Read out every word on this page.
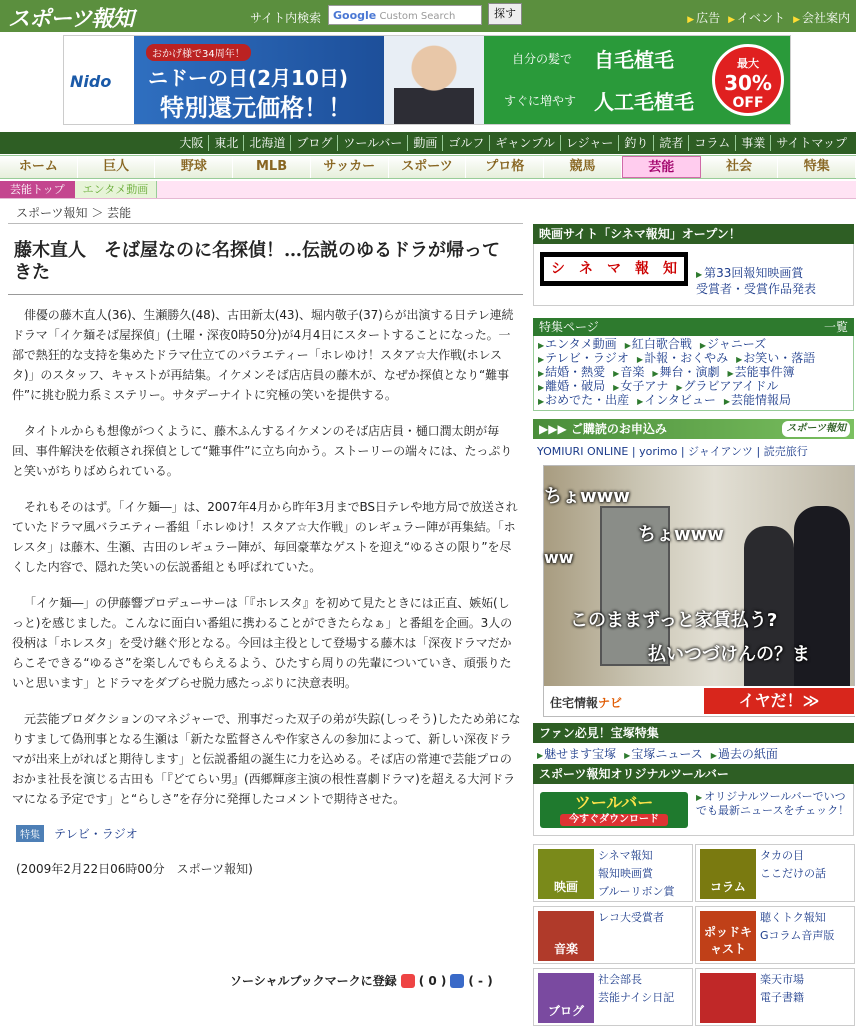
スポーツ報知	サイト内検索	Google Custom Search	探す	▶ 広告	▶ イベント	▶ 会社案内
Nido
おかげ様で34周年！
ニドーの日(2月10日)
特別還元価格！！
自分の髪で 自毛植毛
すぐに増やす 人工毛植毛
最大
30%
OFF
大阪 東北 北海道 ブログ ツールバー 動画 ゴルフ ギャンブル レジャー 釣り 読者 コラム 事業 サイトマップ
ホーム	巨人	野球	MLB	サッカー	スポーツ	プロ格	競馬	芸能	社会	特集
芸能トップ	エンタメ動画
スポーツ報知 ＞ 芸能
藤木直人　そば屋なのに名探偵！…伝説のゆるドラが帰ってきた

俳優の藤木直人(36)、生瀬勝久(48)、古田新太(43)、堀内敬子(37)らが出演する日テレ連続ドラマ「イケ麺そば屋探偵」(土曜・深夜0時50分)が4月4日にスタートすることになった。一部で熱狂的な支持を集めたドラマ仕立てのバラエティー「ホレゆけ！スタア☆大作戦(ホレスタ)」のスタッフ、キャストが再結集。イケメンそば店店員の藤木が、なぜか探偵となり“難事件”に挑む脱力系ミステリー。サタデーナイトに究極の笑いを提供する。

タイトルからも想像がつくように、藤木ふんするイケメンのそば店店員・樋口潤太朗が毎回、事件解決を依頼され探偵として“難事件”に立ち向かう。ストーリーの端々には、たっぷりと笑いがちりばめられている。

それもそのはず。「イケ麺―」は、2007年4月から昨年3月までBS日テレや地方局で放送されていたドラマ風バラエティー番組「ホレゆけ！スタア☆大作戦」のレギュラー陣が再集結。「ホレスタ」は藤木、生瀬、古田のレギュラー陣が、毎回豪華なゲストを迎え“ゆるさの限り”を尽くした内容で、隠れた笑いの伝説番組とも呼ばれていた。

「イケ麺―」の伊藤響プロデューサーは「『ホレスタ』を初めて見たときには正直、嫉妬(しっと)を感じました。こんなに面白い番組に携わることができたらなぁ」と番組を企画。3人の役柄は「ホレスタ」を受け継ぐ形となる。今回は主役として登場する藤木は「深夜ドラマだからこそできる“ゆるさ”を楽しんでもらえるよう、ひたすら周りの先輩についていき、頑張りたいと思います」とドラマをダブらせ脱力感たっぷりに決意表明。

元芸能プロダクションのマネジャーで、刑事だった双子の弟が失踪(しっそう)したため弟になりすまして偽刑事となる生瀬は「新たな監督さんや作家さんの参加によって、新しい深夜ドラマが出来上がればと期待します」と伝説番組の誕生に力を込める。そば店の常連で芸能プロのおかま社長を演じる古田も「『どてらい男』(西郷輝彦主演の根性喜劇ドラマ)を超える大河ドラマになる予定です」と“らしさ”を存分に発揮したコメントで期待させた。

特集	テレビ・ラジオ
(2009年2月22日06時00分　スポーツ報知)
ソーシャルブックマークに登録 ( 0 ) ( - )
映画サイト「シネマ報知」オープン！
シ	ネ	マ	報	知	▶ 第33回報知映画賞
受賞者・受賞作品発表
特集ページ	一覧
▶ エンタメ動画	▶ 紅白歌合戦	▶ ジャニーズ
▶ テレビ・ラジオ	▶ 訃報・おくやみ	▶ お笑い・落語
▶ 結婚・熱愛	▶ 音楽	▶ 舞台・演劇	▶ 芸能事件簿
▶ 離婚・破局	▶ 女子アナ	▶ グラビアアイドル
▶ おめでた・出産	▶ インタビュー	▶ 芸能情報局
▶▶▶ ご購読のお申込み	スポーツ報知
YOMIURI ONLINE | yorimo | ジャイアンツ | 読売旅行
ちょwww
ちょwww
ww
このままずっと家賃払う?
払いつづけんの？ま
住宅情報ナビ	イヤだ！≫
ファン必見！宝塚特集
▶ 魅せます宝塚	▶ 宝塚ニュース	▶ 過去の紙面
スポーツ報知オリジナルツールバー
ツールバー
今すぐダウンロード
▶ オリジナルツールバーでいつでも最新ニュースをチェック！
映画
シネマ報知
報知映画賞
ブルーリボン賞	コラム
タカの目
ここだけの話
音楽
レコ大受賞者
ポッドキャスト
聴くトク報知
Gコラム音声版
ブログ
社会部長
芸能ナイシ日記
楽天市場
電子書籍
